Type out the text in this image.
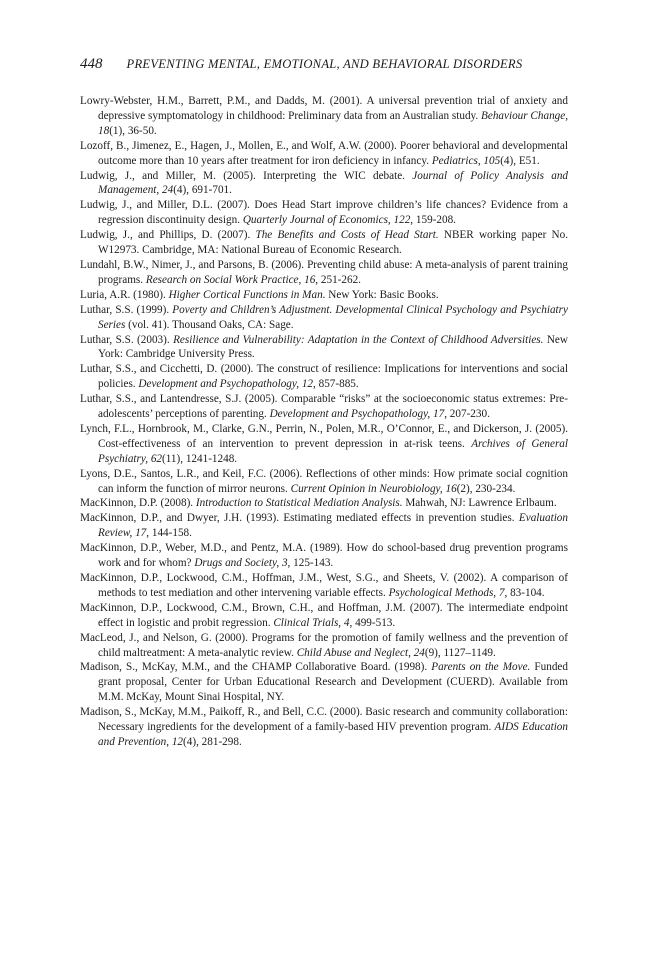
448 PREVENTING MENTAL, EMOTIONAL, AND BEHAVIORAL DISORDERS

Lowry-Webster, H.M., Barrett, P.M., and Dadds, M. (2001). A universal prevention trial of anxiety and depressive symptomatology in childhood: Preliminary data from an Australian study. Behaviour Change, 18(1), 36-50.

Lozoff, B., Jimenez, E., Hagen, J., Mollen, E., and Wolf, A.W. (2000). Poorer behavioral and developmental outcome more than 10 years after treatment for iron deficiency in infancy. Pediatrics, 105(4), E51.

Ludwig, J., and Miller, M. (2005). Interpreting the WIC debate. Journal of Policy Analysis and Management, 24(4), 691-701.

Ludwig, J., and Miller, D.L. (2007). Does Head Start improve children’s life chances? Evidence from a regression discontinuity design. Quarterly Journal of Economics, 122, 159-208.

Ludwig, J., and Phillips, D. (2007). The Benefits and Costs of Head Start. NBER working paper No. W12973. Cambridge, MA: National Bureau of Economic Research.

Lundahl, B.W., Nimer, J., and Parsons, B. (2006). Preventing child abuse: A meta-analysis of parent training programs. Research on Social Work Practice, 16, 251-262.

Luria, A.R. (1980). Higher Cortical Functions in Man. New York: Basic Books.

Luthar, S.S. (1999). Poverty and Children’s Adjustment. Developmental Clinical Psychology and Psychiatry Series (vol. 41). Thousand Oaks, CA: Sage.

Luthar, S.S. (2003). Resilience and Vulnerability: Adaptation in the Context of Childhood Adversities. New York: Cambridge University Press.

Luthar, S.S., and Cicchetti, D. (2000). The construct of resilience: Implications for interventions and social policies. Development and Psychopathology, 12, 857-885.

Luthar, S.S., and Lantendresse, S.J. (2005). Comparable “risks” at the socioeconomic status extremes: Pre-adolescents’ perceptions of parenting. Development and Psychopathology, 17, 207-230.

Lynch, F.L., Hornbrook, M., Clarke, G.N., Perrin, N., Polen, M.R., O’Connor, E., and Dickerson, J. (2005). Cost-effectiveness of an intervention to prevent depression in at-risk teens. Archives of General Psychiatry, 62(11), 1241-1248.

Lyons, D.E., Santos, L.R., and Keil, F.C. (2006). Reflections of other minds: How primate social cognition can inform the function of mirror neurons. Current Opinion in Neurobiology, 16(2), 230-234.

MacKinnon, D.P. (2008). Introduction to Statistical Mediation Analysis. Mahwah, NJ: Lawrence Erlbaum.

MacKinnon, D.P., and Dwyer, J.H. (1993). Estimating mediated effects in prevention studies. Evaluation Review, 17, 144-158.

MacKinnon, D.P., Weber, M.D., and Pentz, M.A. (1989). How do school-based drug prevention programs work and for whom? Drugs and Society, 3, 125-143.

MacKinnon, D.P., Lockwood, C.M., Hoffman, J.M., West, S.G., and Sheets, V. (2002). A comparison of methods to test mediation and other intervening variable effects. Psychological Methods, 7, 83-104.

MacKinnon, D.P., Lockwood, C.M., Brown, C.H., and Hoffman, J.M. (2007). The intermediate endpoint effect in logistic and probit regression. Clinical Trials, 4, 499-513.

MacLeod, J., and Nelson, G. (2000). Programs for the promotion of family wellness and the prevention of child maltreatment: A meta-analytic review. Child Abuse and Neglect, 24(9), 1127–1149.

Madison, S., McKay, M.M., and the CHAMP Collaborative Board. (1998). Parents on the Move. Funded grant proposal, Center for Urban Educational Research and Development (CUERD). Available from M.M. McKay, Mount Sinai Hospital, NY.

Madison, S., McKay, M.M., Paikoff, R., and Bell, C.C. (2000). Basic research and community collaboration: Necessary ingredients for the development of a family-based HIV prevention program. AIDS Education and Prevention, 12(4), 281-298.
